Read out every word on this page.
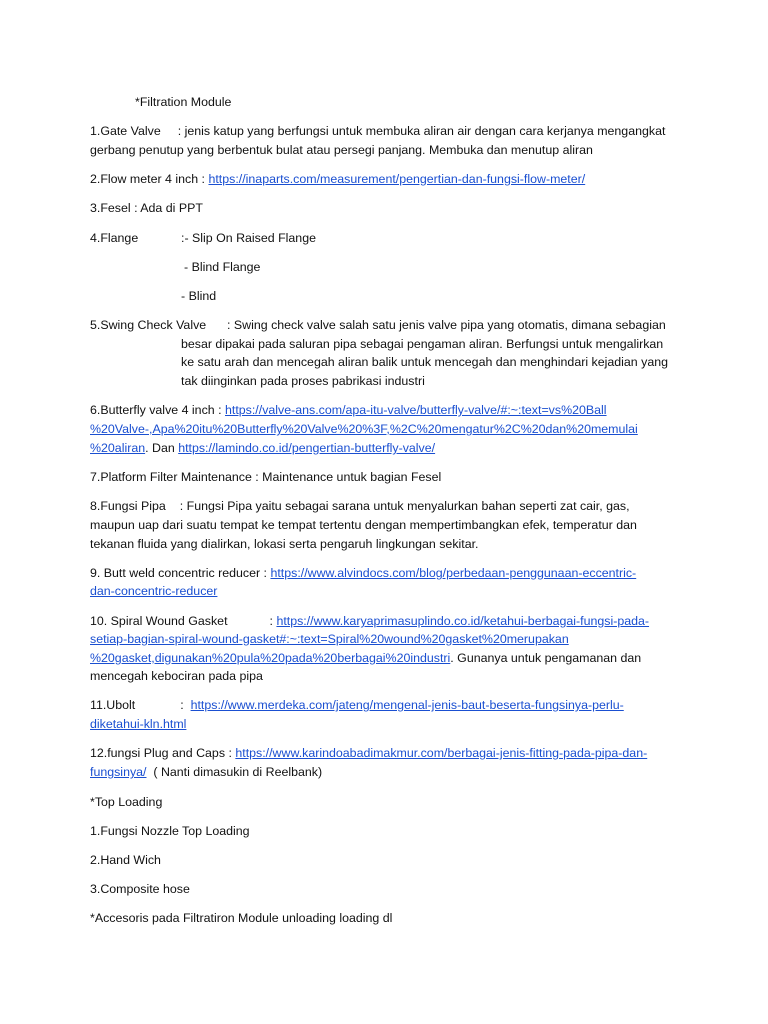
*Filtration Module
1.Gate Valve : jenis katup yang berfungsi untuk membuka aliran air dengan cara kerjanya mengangkat
gerbang penutup yang berbentuk bulat atau persegi panjang. Membuka dan menutup aliran
2.Flow meter 4 inch : https://inaparts.com/measurement/pengertian-dan-fungsi-flow-meter/
3.Fesel : Ada di PPT
4.Flange	:- Slip On Raised Flange
- Blind Flange
- Blind
5.Swing Check Valve : Swing check valve salah satu jenis valve pipa yang otomatis, dimana sebagian
besar dipakai pada saluran pipa sebagai pengaman aliran. Berfungsi untuk mengalirkan
ke satu arah dan mencegah aliran balik untuk mencegah dan menghindari kejadian yang
tak diinginkan pada proses pabrikasi industri
6.Butterfly valve 4 inch : https://valve-ans.com/apa-itu-valve/butterfly-valve/#:~:text=vs%20Ball
%20Valve-,Apa%20itu%20Butterfly%20Valve%20%3F,%2C%20mengatur%2C%20dan%20memulai
%20aliran. Dan https://lamindo.co.id/pengertian-butterfly-valve/
7.Platform Filter Maintenance : Maintenance untuk bagian Fesel
8.Fungsi Pipa : Fungsi Pipa yaitu sebagai sarana untuk menyalurkan bahan seperti zat cair, gas,
maupun uap dari suatu tempat ke tempat tertentu dengan mempertimbangkan efek, temperatur dan
tekanan fluida yang dialirkan, lokasi serta pengaruh lingkungan sekitar.
9. Butt weld concentric reducer : https://www.alvindocs.com/blog/perbedaan-penggunaan-eccentric-
dan-concentric-reducer
10. Spiral Wound Gasket	: https://www.karyaprimasuplindo.co.id/ketahui-berbagai-fungsi-pada-
setiap-bagian-spiral-wound-gasket#:~:text=Spiral%20wound%20gasket%20merupakan
%20gasket,digunakan%20pula%20pada%20berbagai%20industri. Gunanya untuk pengamanan dan
mencegah kebociran pada pipa
11.Ubolt	: https://www.merdeka.com/jateng/mengenal-jenis-baut-beserta-fungsinya-perlu-
diketahui-kln.html
12.fungsi Plug and Caps : https://www.karindoabadimakmur.com/berbagai-jenis-fitting-pada-pipa-dan-
fungsinya/ ( Nanti dimasukin di Reelbank)
*Top Loading
1.Fungsi Nozzle Top Loading
2.Hand Wich
3.Composite hose
*Accesoris pada Filtratiron Module unloading loading dl
